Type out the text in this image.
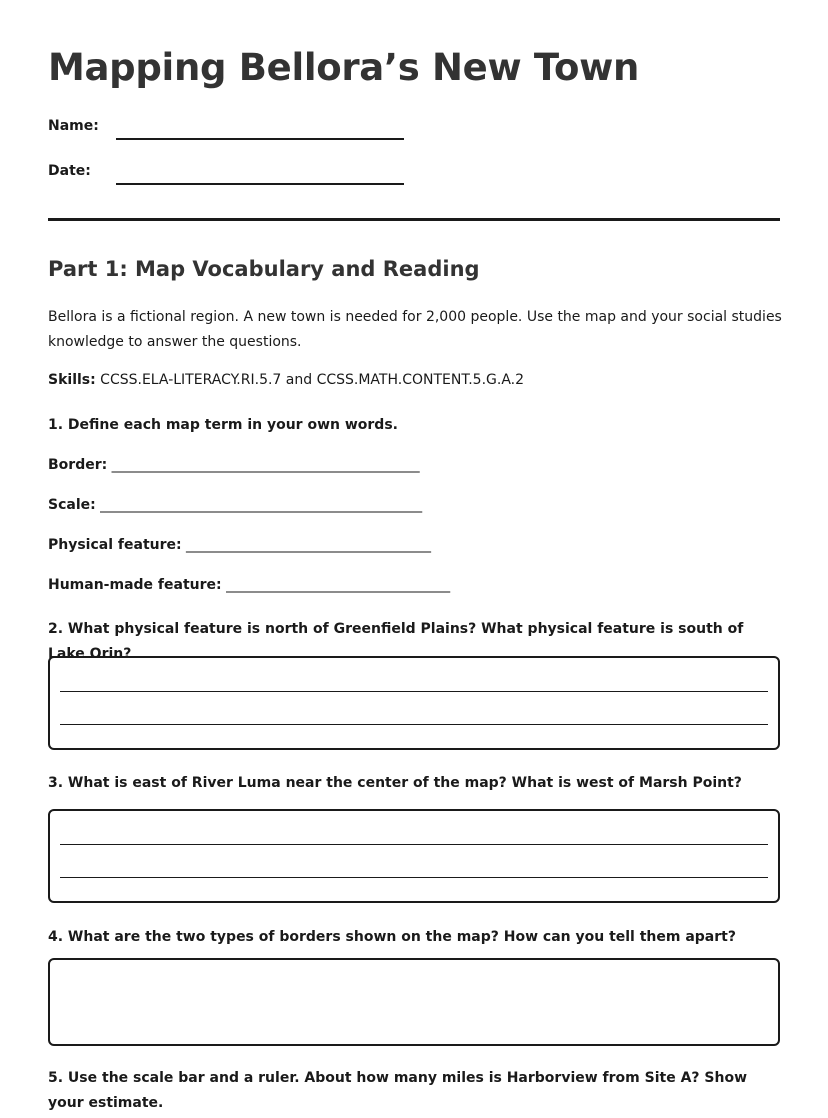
Mapping Bellora’s New Town
Name:
Date:
Part 1: Map Vocabulary and Reading

Bellora is a fictional region. A new town is needed for 2,000 people. Use the map and your social studies knowledge to answer the questions.

Skills: CCSS.ELA-LITERACY.RI.5.7 and CCSS.MATH.CONTENT.5.G.A.2

1. Define each map term in your own words.

Border: ____________________________________________
Scale: ______________________________________________
Physical feature: ___________________________________
Human-made feature: ________________________________

2. What physical feature is north of Greenfield Plains? What physical feature is south of Lake Orin?

3. What is east of River Luma near the center of the map? What is west of Marsh Point?

4. What are the two types of borders shown on the map? How can you tell them apart?

5. Use the scale bar and a ruler. About how many miles is Harborview from Site A? Show your estimate.
